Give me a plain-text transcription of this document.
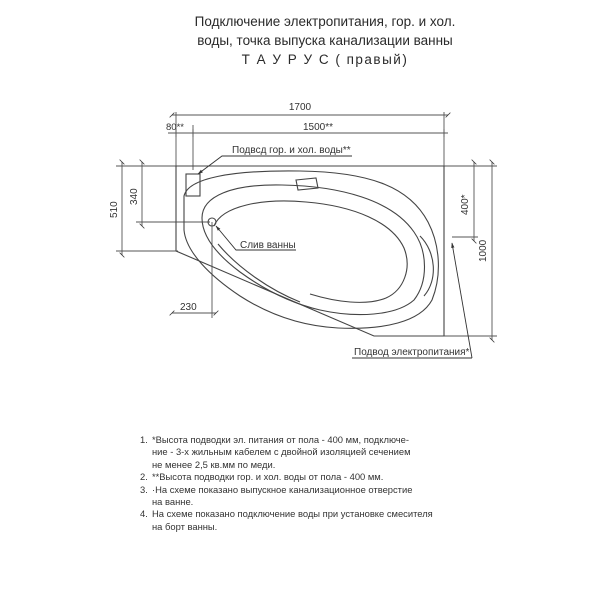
Подключение электропитания, гор. и хол.
воды, точка выпуска канализации ванны
Т А У Р У С ( правый)
1700
80**	1500**
Подвсд гор. и хол. воды**
510
340	400*
1000
Слив ванны
230
Подвод электропитания*
1. *Высота подводки эл. питания от пола - 400 мм, подключе-
ние - 3-х жильным кабелем с двойной изоляцией сечением
не менее 2,5 кв.мм по меди.
2. **Высота подводки гор. и хол. воды от пола - 400 мм.
3. ·На схеме показано выпускное канализационное отверстие
на ванне.
4. На схеме показано подключение воды при установке смесителя
на борт ванны.
